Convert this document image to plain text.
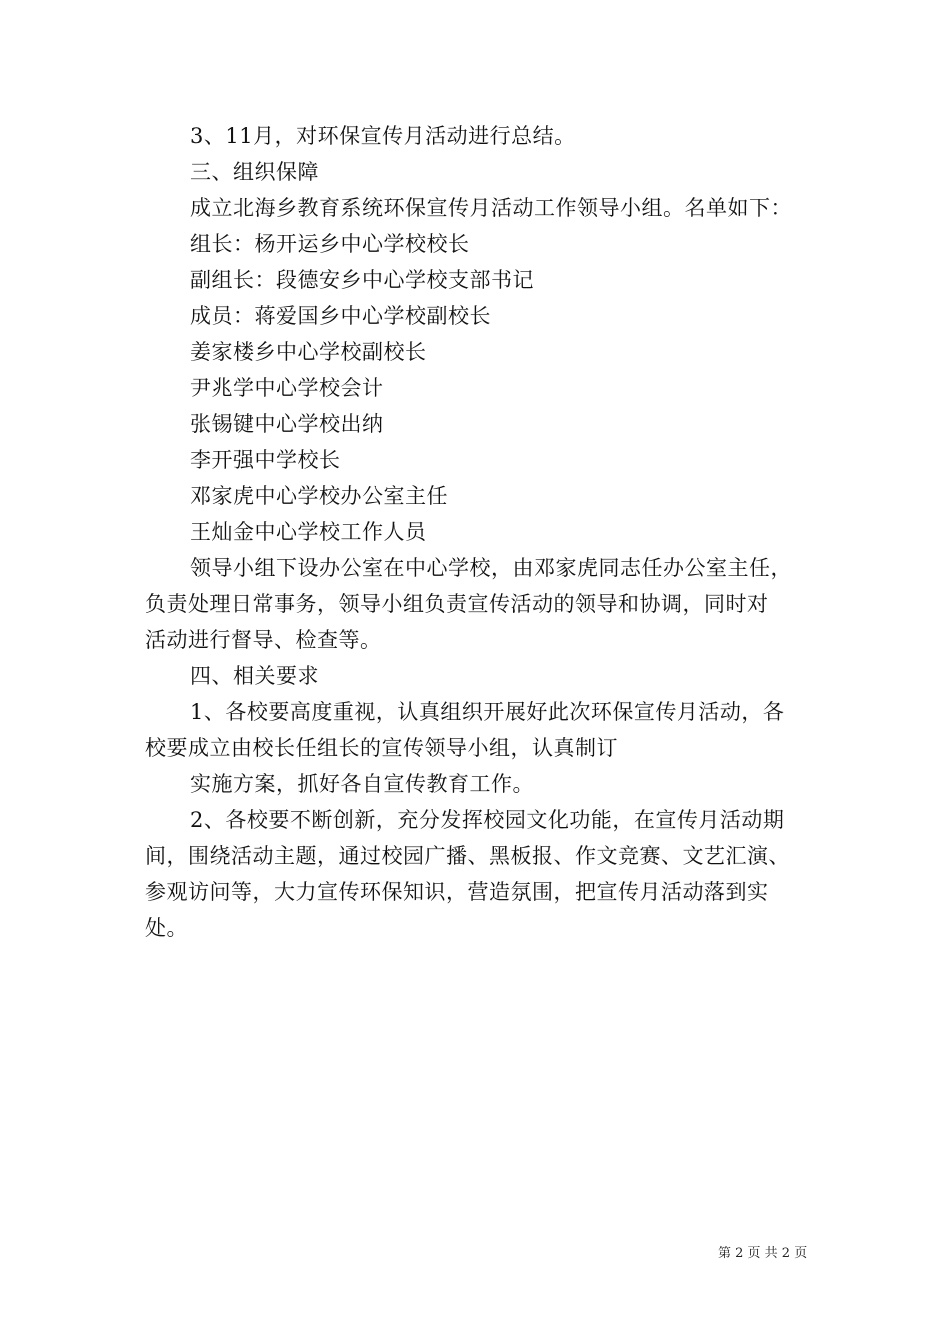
3、11月，对环保宣传月活动进行总结。
三、组织保障
成立北海乡教育系统环保宣传月活动工作领导小组。名单如下：
组长：杨开运乡中心学校校长
副组长：段德安乡中心学校支部书记
成员：蒋爱国乡中心学校副校长
姜家楼乡中心学校副校长
尹兆学中心学校会计
张锡键中心学校出纳
李开强中学校长
邓家虎中心学校办公室主任
王灿金中心学校工作人员
领导小组下设办公室在中心学校，由邓家虎同志任办公室主任，
负责处理日常事务，领导小组负责宣传活动的领导和协调，同时对
活动进行督导、检查等。
四、相关要求
1、各校要高度重视，认真组织开展好此次环保宣传月活动，各
校要成立由校长任组长的宣传领导小组，认真制订
实施方案，抓好各自宣传教育工作。
2、各校要不断创新，充分发挥校园文化功能，在宣传月活动期
间，围绕活动主题，通过校园广播、黑板报、作文竞赛、文艺汇演、
参观访问等，大力宣传环保知识，营造氛围，把宣传月活动落到实
处。
第 2 页 共 2 页
